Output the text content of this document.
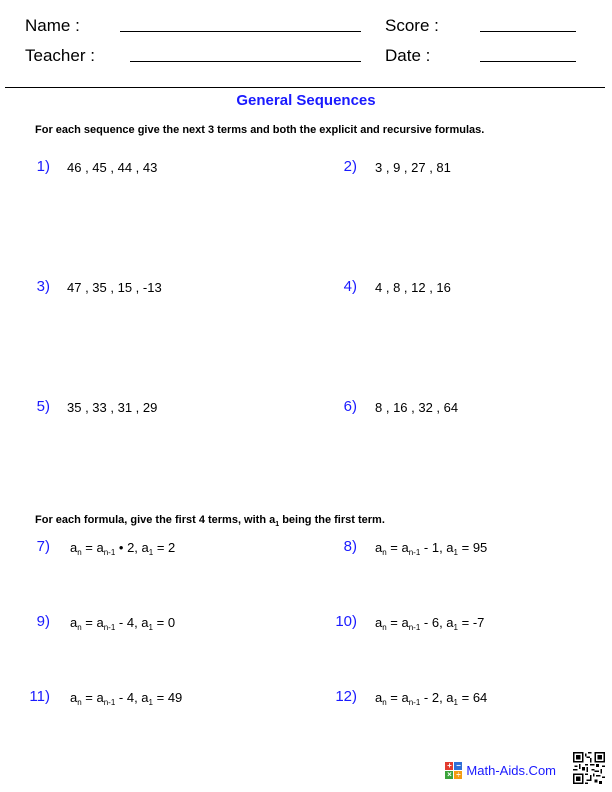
Name :
Teacher :
Score :
Date :
General Sequences
For each sequence give the next 3 terms and both the explicit and recursive formulas.
1) 46 , 45 , 44 , 43	2) 3 , 9 , 27 , 81
3) 47 , 35 , 15 , -13	4) 4 , 8 , 12 , 16
5) 35 , 33 , 31 , 29	6) 8 , 16 , 32 , 64
For each formula, give the first 4 terms, with $a_1$ being the first term.
7) $a_n = a_{n-1}$ • 2, $a_1 = 2$	8) $a_n = a_{n-1} - 1$, $a_1 = 95$
9) $a_n = a_{n-1} - 4$, $a_1 = 0$	10) $a_n = a_{n-1} - 6$, $a_1 = -7$
11) $a_n = a_{n-1} - 4$, $a_1 = 49$	12) $a_n = a_{n-1} - 2$, $a_1 = 64$
+ −
× ÷ Math-Aids.Com
